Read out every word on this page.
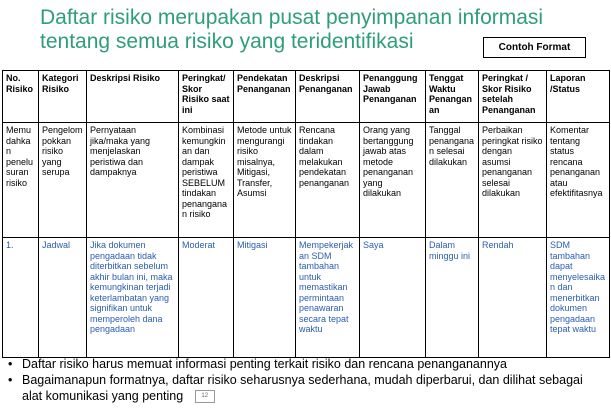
Daftar risiko merupakan pusat penyimpanan informasi
tentang semua risiko yang teridentifikasi	Contoh Format
No. Risiko	Kategori Risiko	Deskripsi Risiko	Peringkat/ Skor Risiko saat ini	Pendekatan Penanganan	Deskripsi Penanganan	Penanggung Jawab Penanganan	Tenggat Waktu Penanganan	Peringkat / Skor Risiko setelah Penanganan	Laporan /Status
Memu dahkan penelusuran risiko	Pengelompokkan risiko yang serupa	Pernyataan jika/maka yang menjelaskan peristiwa dan dampaknya	Kombinasi kemungkinan dan dampak peristiwa SEBELUM tindakan penanganan risiko	Metode untuk mengurangi risiko misalnya, Mitigasi, Transfer, Asumsi	Rencana tindakan dalam melakukan pendekatan penanganan	Orang yang bertanggung jawab atas metode penanganan yang dilakukan	Tanggal penanganan selesai dilakukan	Perbaikan peringkat risiko dengan asumsi penanganan selesai dilakukan	Komentar tentang status rencana penanganan atau efektifitasnya
1.	Jadwal	Jika dokumen pengadaan tidak diterbitkan sebelum akhir bulan ini, maka kemungkinan terjadi keterlambatan yang signifikan untuk memperoleh dana pengadaan	Moderat	Mitigasi	Mempekerjakan SDM tambahan untuk memastikan permintaan penawaran secara tepat waktu	Saya	Dalam minggu ini	Rendah	SDM tambahan dapat menyelesaikan dan menerbitkan dokumen pengadaan tepat waktu
• Daftar risiko harus memuat informasi penting terkait risiko dan rencana penanganannya
• Bagaimanapun formatnya, daftar risiko seharusnya sederhana, mudah diperbarui, dan dilihat sebagai alat komunikasi yang penting	12
